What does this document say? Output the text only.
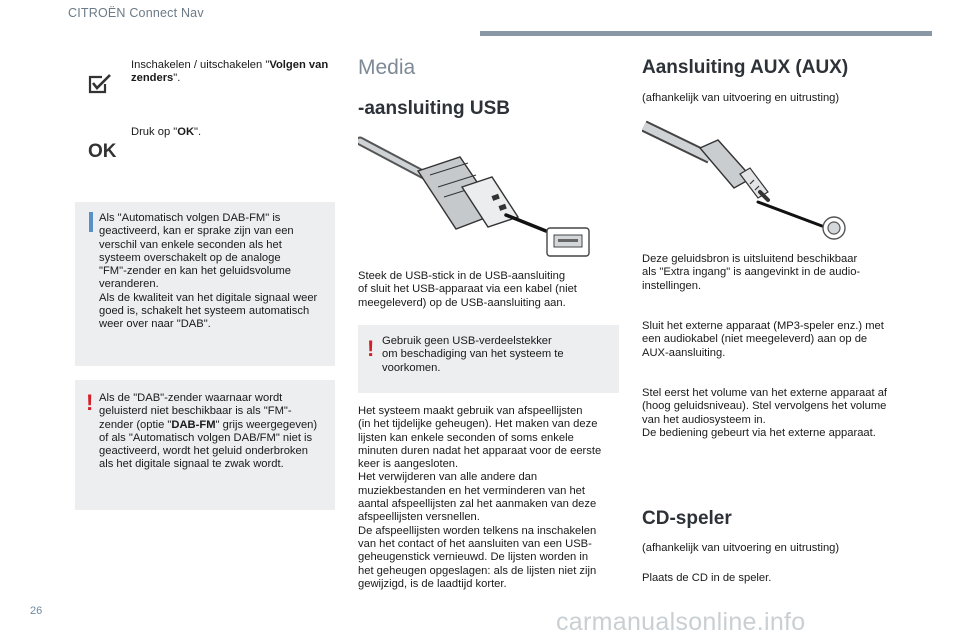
CITROËN Connect Nav
Inschakelen / uitschakelen "Volgen van zenders".
OK
Druk op "OK".
Als "Automatisch volgen DAB-FM" is
geactiveerd, kan er sprake zijn van een
verschil van enkele seconden als het
systeem overschakelt op de analoge
"FM"-zender en kan het geluidsvolume
veranderen.
Als de kwaliteit van het digitale signaal weer
goed is, schakelt het systeem automatisch
weer over naar "DAB".
! Als de "DAB"-zender waarnaar wordt
geluisterd niet beschikbaar is als "FM"-
zender (optie "DAB-FM" grijs weergegeven)
of als "Automatisch volgen DAB/FM" niet is
geactiveerd, wordt het geluid onderbroken
als het digitale signaal te zwak wordt.
Media
-aansluiting USB
Steek de USB-stick in de USB-aansluiting
of sluit het USB-apparaat via een kabel (niet
meegeleverd) op de USB-aansluiting aan.
! Gebruik geen USB-verdeelstekker
om beschadiging van het systeem te
voorkomen.
Het systeem maakt gebruik van afspeellijsten
(in het tijdelijke geheugen). Het maken van deze
lijsten kan enkele seconden of soms enkele
minuten duren nadat het apparaat voor de eerste
keer is aangesloten.
Het verwijderen van alle andere dan
muziekbestanden en het verminderen van het
aantal afspeellijsten zal het aanmaken van deze
afspeellijsten versnellen.
De afspeellijsten worden telkens na inschakelen
van het contact of het aansluiten van een USB-
geheugenstick vernieuwd. De lijsten worden in
het geheugen opgeslagen: als de lijsten niet zijn
gewijzigd, is de laadtijd korter.
Aansluiting AUX (AUX)
(afhankelijk van uitvoering en uitrusting)
Deze geluidsbron is uitsluitend beschikbaar
als "Extra ingang" is aangevinkt in de audio-
instellingen.
Sluit het externe apparaat (MP3-speler enz.) met
een audiokabel (niet meegeleverd) aan op de
AUX-aansluiting.
Stel eerst het volume van het externe apparaat af
(hoog geluidsniveau). Stel vervolgens het volume
van het audiosysteem in.
De bediening gebeurt via het externe apparaat.
CD-speler
(afhankelijk van uitvoering en uitrusting)
Plaats de CD in de speler.
26	carmanualsonline.info
